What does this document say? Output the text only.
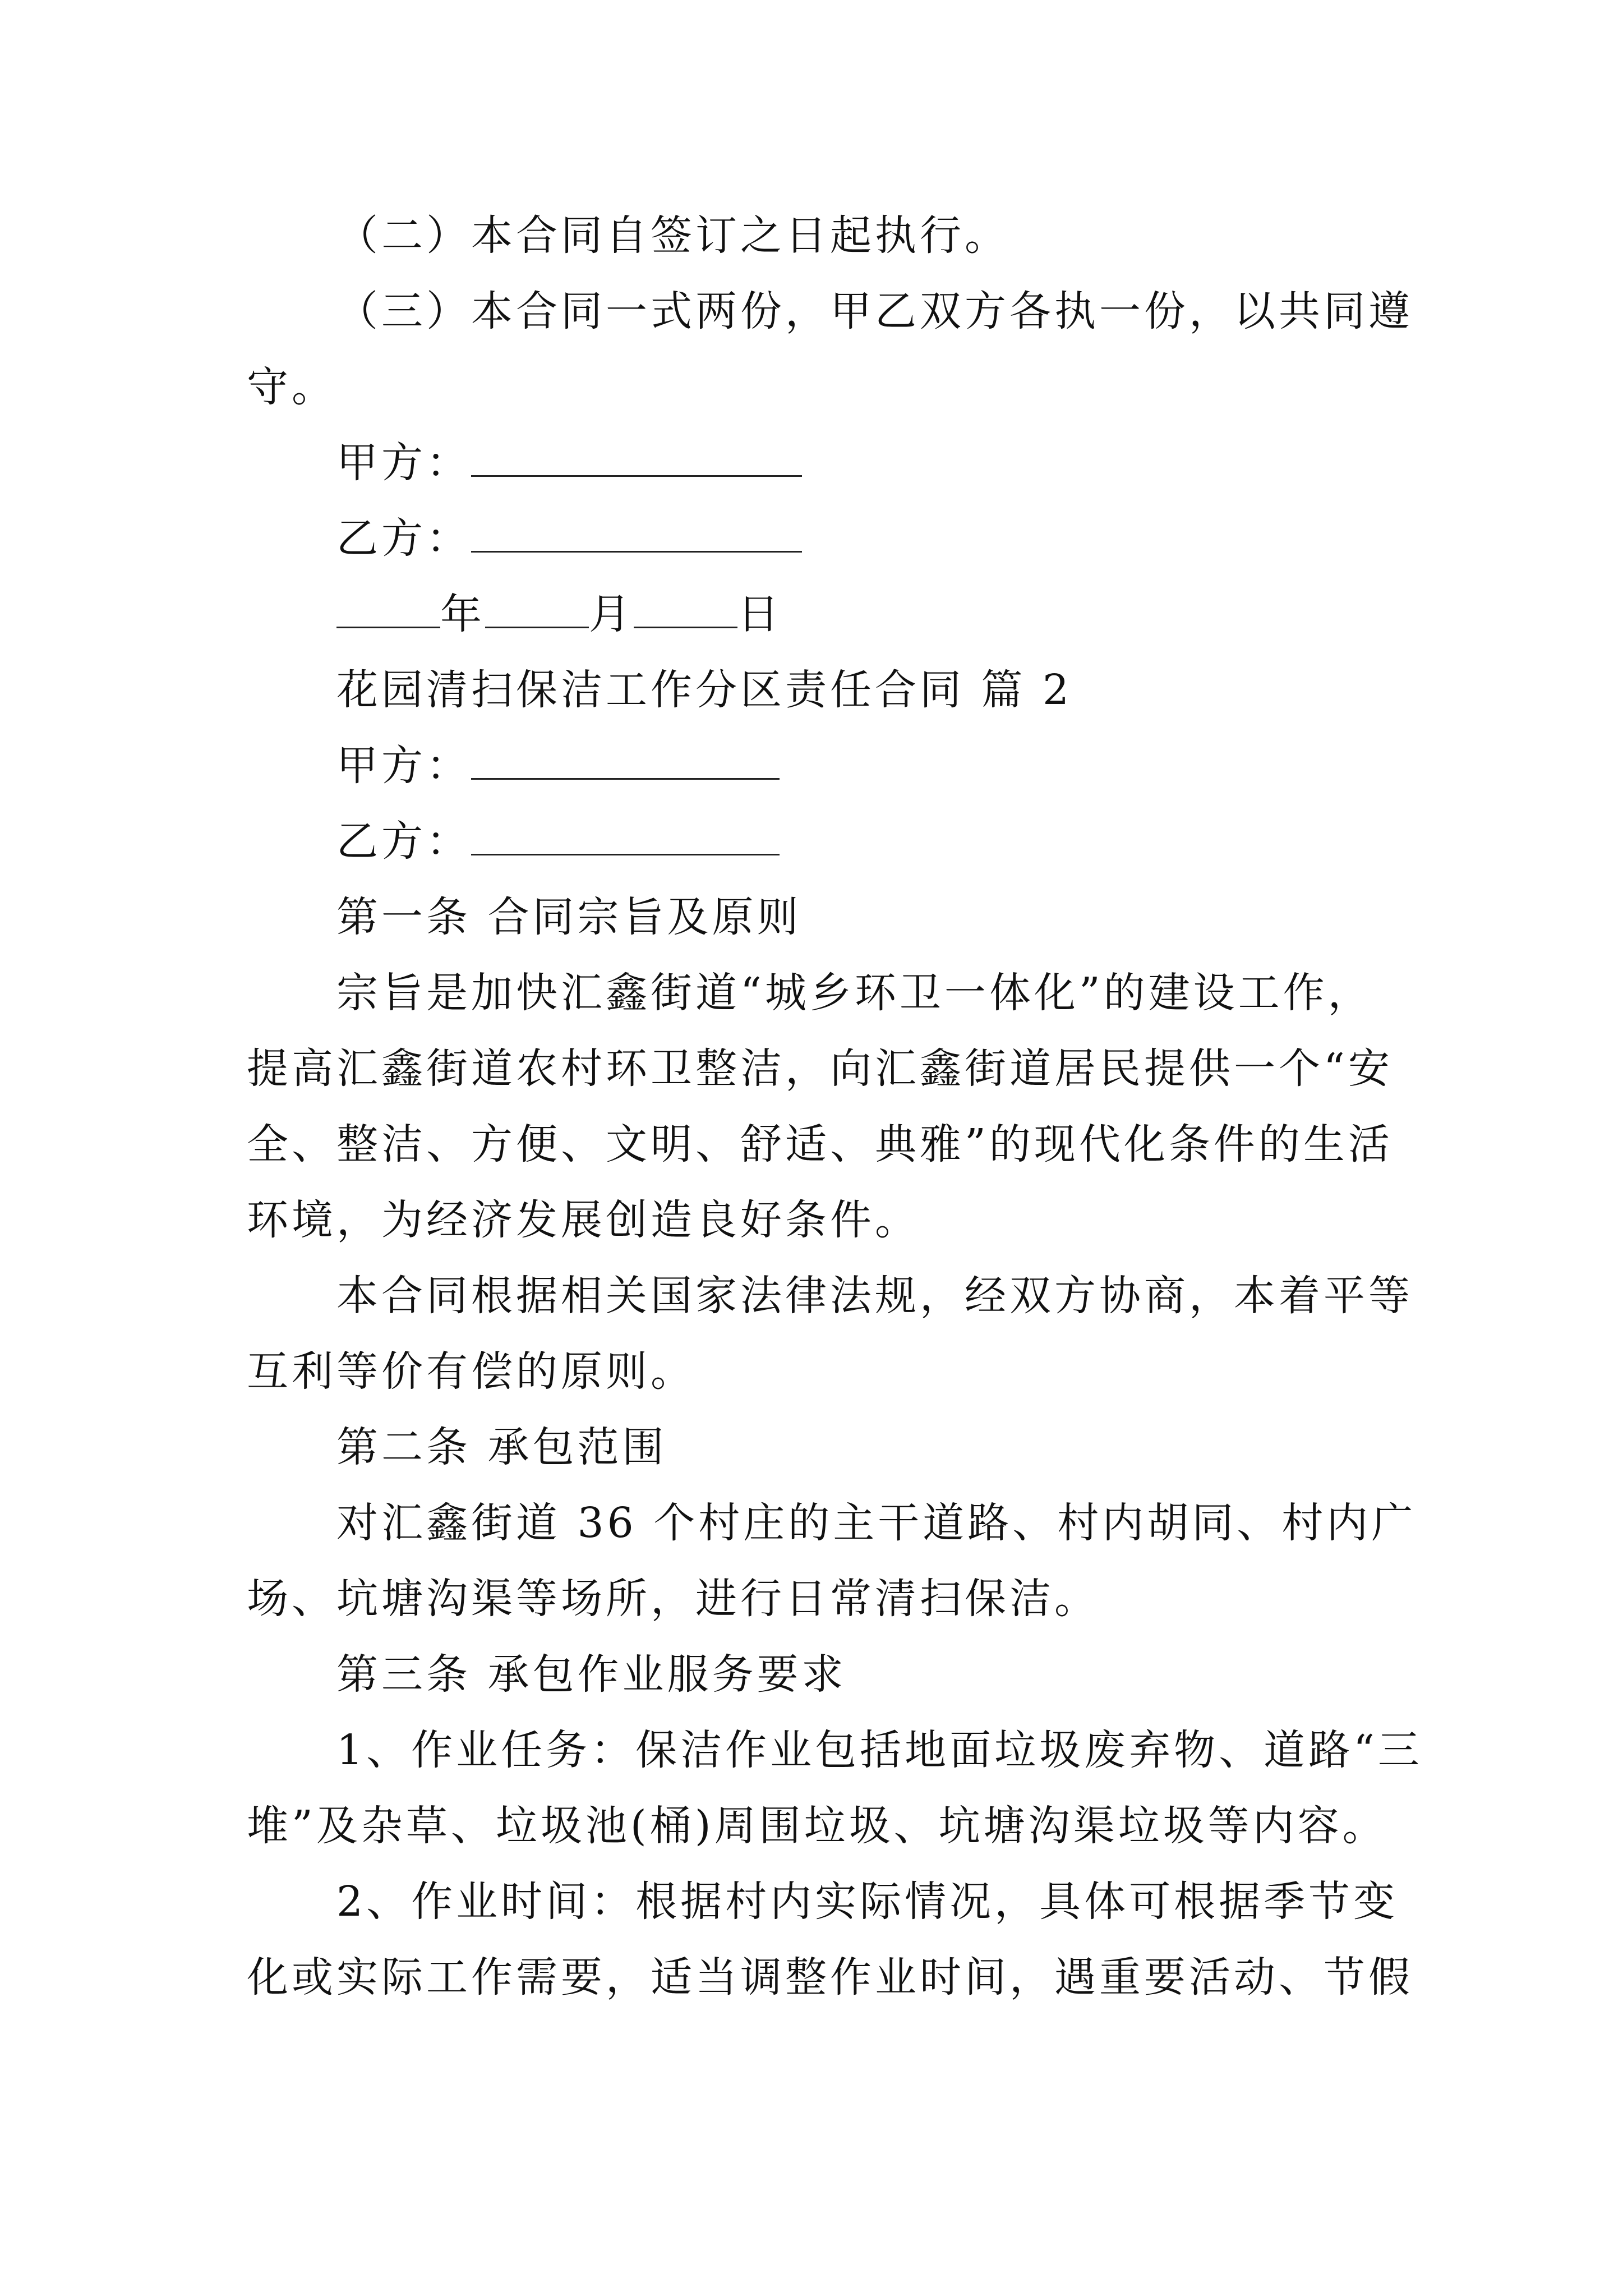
（二）本合同自签订之日起执行。
（三）本合同一式两份，甲乙双方各执一份，以共同遵
守。
甲方：
乙方：
年	月	日
花园清扫保洁工作分区责任合同 篇 2
甲方：
乙方：
第一条 合同宗旨及原则
宗旨是加快汇鑫街道“城乡环卫一体化”的建设工作，
提高汇鑫街道农村环卫整洁，向汇鑫街道居民提供一个“安
全、整洁、方便、文明、舒适、典雅”的现代化条件的生活
环境，为经济发展创造良好条件。
本合同根据相关国家法律法规，经双方协商，本着平等
互利等价有偿的原则。
第二条 承包范围
对汇鑫街道 36 个村庄的主干道路、村内胡同、村内广
场、坑塘沟渠等场所，进行日常清扫保洁。
第三条 承包作业服务要求
1、作业任务：保洁作业包括地面垃圾废弃物、道路“三
堆”及杂草、垃圾池(桶)周围垃圾、坑塘沟渠垃圾等内容。
2、作业时间：根据村内实际情况，具体可根据季节变
化或实际工作需要，适当调整作业时间，遇重要活动、节假
